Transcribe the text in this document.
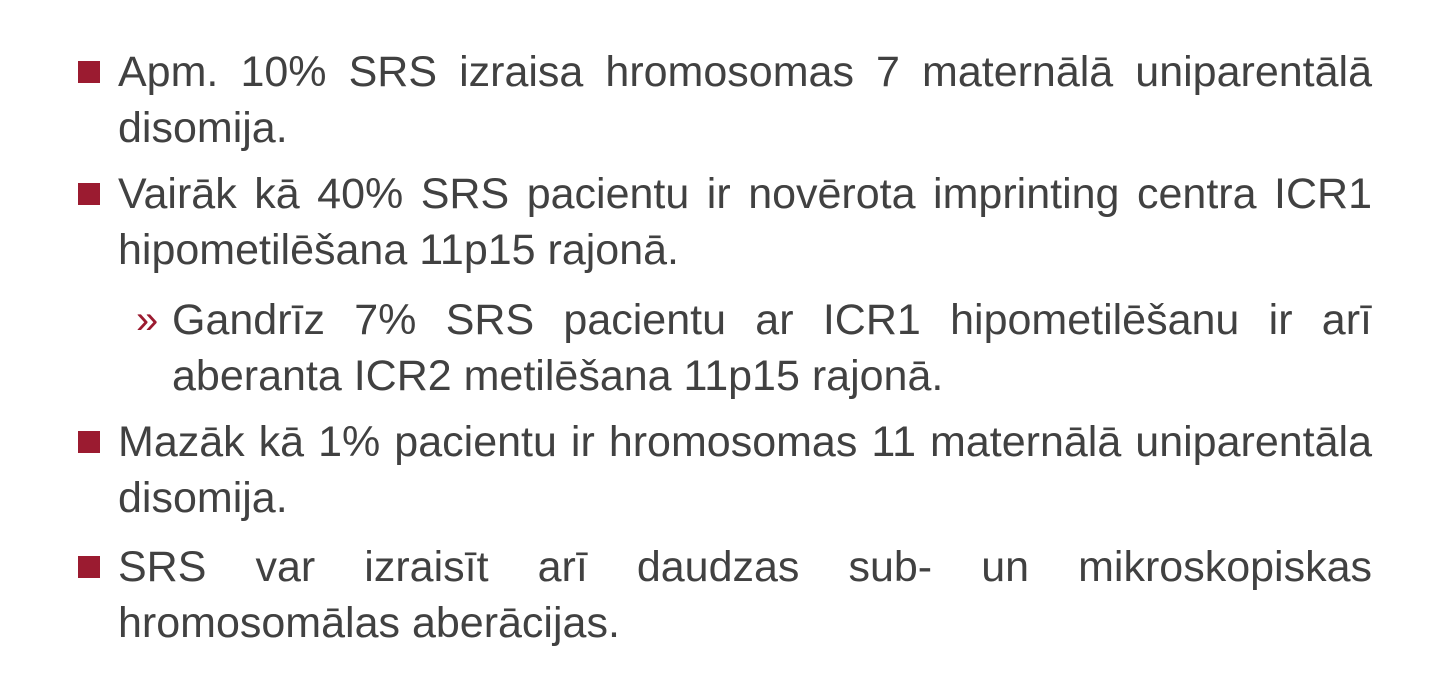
Apm. 10% SRS izraisa hromosomas 7 maternālā uniparentālā disomija.
Vairāk kā 40% SRS pacientu ir novērota imprinting centra ICR1 hipometilēšana 11p15 rajonā.
» Gandrīz 7% SRS pacientu ar ICR1 hipometilēšanu ir arī aberanta ICR2 metilēšana 11p15 rajonā.
Mazāk kā 1% pacientu ir hromosomas 11 maternālā uniparentāla disomija.
SRS var izraisīt arī daudzas sub- un mikroskopiskas hromosomālas aberācijas.
